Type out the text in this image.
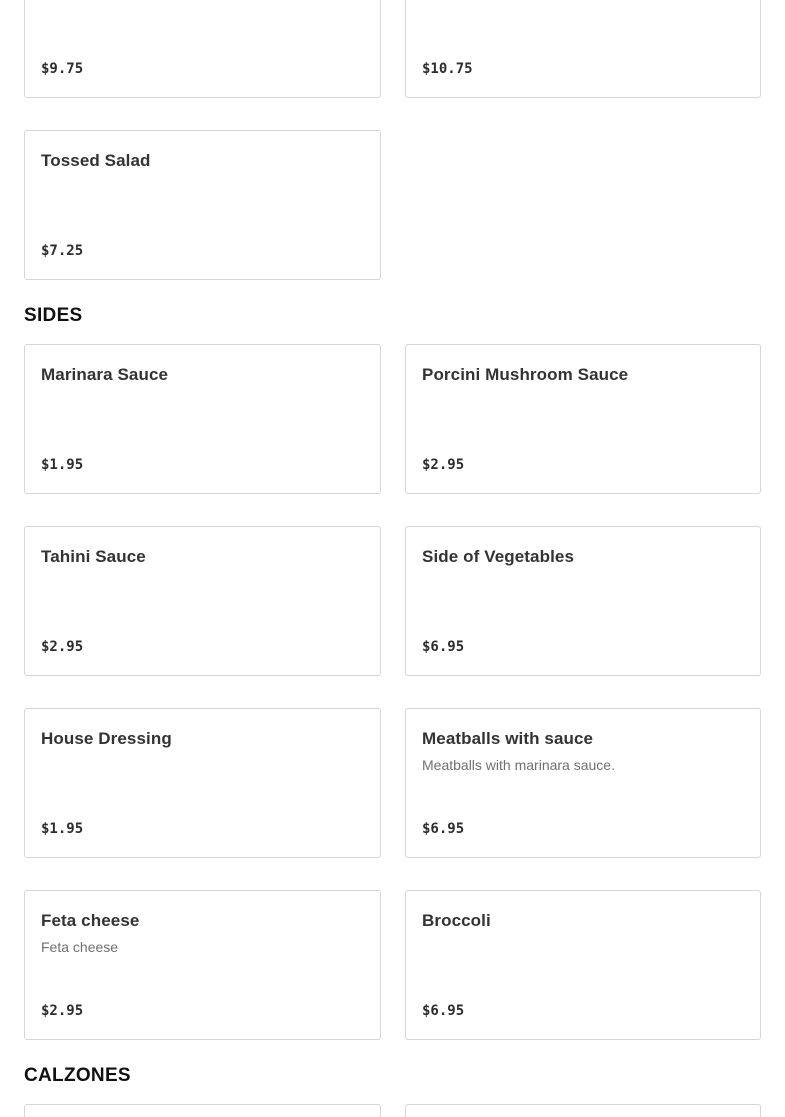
$9.75	$10.75
Tossed Salad
$7.25
SIDES
Marinara Sauce
$1.95
Porcini Mushroom Sauce
$2.95
Tahini Sauce
$2.95
Side of Vegetables
$6.95
House Dressing
$1.95
Meatballs with sauce
Meatballs with marinara sauce.
$6.95
Feta cheese
Feta cheese
$2.95
Broccoli
$6.95
CALZONES
